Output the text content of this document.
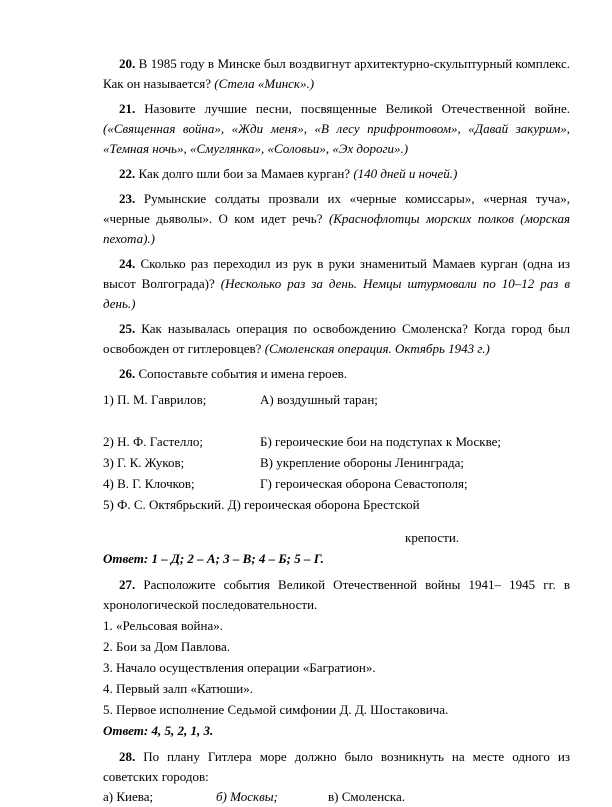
20. В 1985 году в Минске был воздвигнут архитектурно-скульптурный комплекс. Как он называется? (Стела «Минск».)

21. Назовите лучшие песни, посвященные Великой Отечественной войне. («Священная война», «Жди меня», «В лесу прифронтовом», «Давай закурим», «Темная ночь», «Смуглянка», «Соловьи», «Эх дороги».)

22. Как долго шли бои за Мамаев курган? (140 дней и ночей.)

23. Румынские солдаты прозвали их «черные комиссары», «черная туча», «черные дьяволы». О ком идет речь? (Краснофлотцы морских полков (морская пехота).)

24. Сколько раз переходил из рук в руки знаменитый Мамаев курган (одна из высот Волгограда)? (Несколько раз за день. Немцы штурмовали по 10–12 раз в день.)

25. Как называлась операция по освобождению Смоленска? Когда город был освобожден от гитлеровцев? (Смоленская операция. Октябрь 1943 г.)

26. Сопоставьте события и имена героев.

1) П. М. Гаврилов;	А) воздушный таран;
2) Н. Ф. Гастелло;	Б) героические бои на подступах к Москве;
3) Г. К. Жуков;	В) укрепление обороны Ленинграда;
4) В. Г. Клочков;	Г) героическая оборона Севастополя;

5) Ф. С. Октябрьский. Д) героическая оборона Брестской

крепости.

Ответ: 1 – Д; 2 – А; 3 – В; 4 – Б; 5 – Г.

27. Расположите события Великой Отечественной войны 1941– 1945 гг. в хронологической последовательности.

1. «Рельсовая война».

2. Бои за Дом Павлова.

3. Начало осуществления операции «Багратион».

4. Первый залп «Катюши».

5. Первое исполнение Седьмой симфонии Д. Д. Шостаковича.

Ответ: 4, 5, 2, 1, 3.

28. По плану Гитлера море должно было возникнуть на месте одного из советских городов:

а) Киева;	б) Москвы;	в) Смоленска.
